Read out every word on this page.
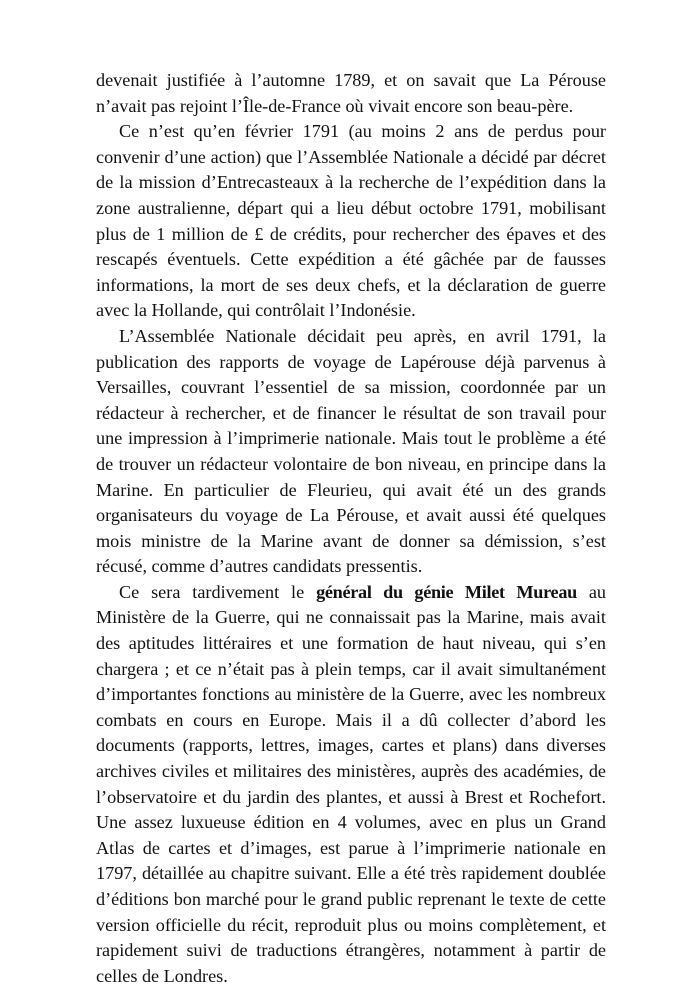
devenait justifiée à l’automne 1789, et on savait que La Pérouse n’avait pas rejoint l’Île-de-France où vivait encore son beau-père.

Ce n’est qu’en février 1791 (au moins 2 ans de perdus pour convenir d’une action) que l’Assemblée Nationale a décidé par décret de la mission d’Entrecasteaux à la recherche de l’expédition dans la zone australienne, départ qui a lieu début octobre 1791, mobilisant plus de 1 million de £ de crédits, pour rechercher des épaves et des rescapés éventuels. Cette expédition a été gâchée par de fausses informations, la mort de ses deux chefs, et la déclaration de guerre avec la Hollande, qui contrôlait l’Indonésie.

L’Assemblée Nationale décidait peu après, en avril 1791, la publication des rapports de voyage de Lapérouse déjà parvenus à Versailles, couvrant l’essentiel de sa mission, coordonnée par un rédacteur à rechercher, et de financer le résultat de son travail pour une impression à l’imprimerie nationale. Mais tout le problème a été de trouver un rédacteur volontaire de bon niveau, en principe dans la Marine. En particulier de Fleurieu, qui avait été un des grands organisateurs du voyage de La Pérouse, et avait aussi été quelques mois ministre de la Marine avant de donner sa démission, s’est récusé, comme d’autres candidats pressentis.

Ce sera tardivement le général du génie Milet Mureau au Ministère de la Guerre, qui ne connaissait pas la Marine, mais avait des aptitudes littéraires et une formation de haut niveau, qui s’en chargera ; et ce n’était pas à plein temps, car il avait simultanément d’importantes fonctions au ministère de la Guerre, avec les nombreux combats en cours en Europe. Mais il a dû collecter d’abord les documents (rapports, lettres, images, cartes et plans) dans diverses archives civiles et militaires des ministères, auprès des académies, de l’observatoire et du jardin des plantes, et aussi à Brest et Rochefort. Une assez luxueuse édition en 4 volumes, avec en plus un Grand Atlas de cartes et d’images, est parue à l’imprimerie nationale en 1797, détaillée au chapitre suivant. Elle a été très rapidement doublée d’éditions bon marché pour le grand public reprenant le texte de cette version officielle du récit, reproduit plus ou moins complètement, et rapidement suivi de traductions étrangères, notamment à partir de celles de Londres.
